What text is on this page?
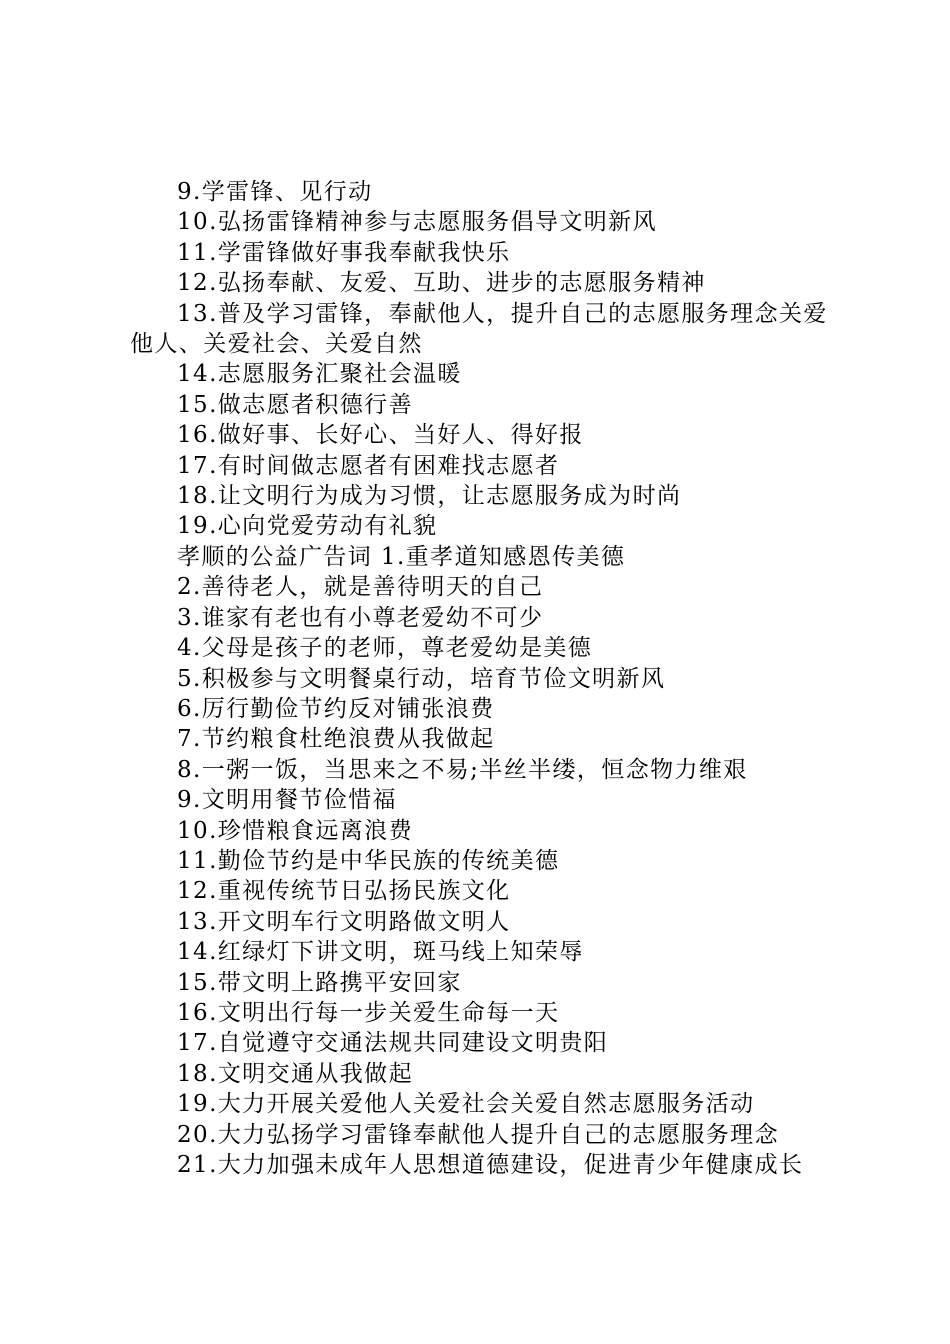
9.学雷锋、见行动

10.弘扬雷锋精神参与志愿服务倡导文明新风

11.学雷锋做好事我奉献我快乐

12.弘扬奉献、友爱、互助、进步的志愿服务精神

13.普及学习雷锋，奉献他人，提升自己的志愿服务理念关爱他人、关爱社会、关爱自然

14.志愿服务汇聚社会温暖

15.做志愿者积德行善

16.做好事、长好心、当好人、得好报

17.有时间做志愿者有困难找志愿者

18.让文明行为成为习惯，让志愿服务成为时尚

19.心向党爱劳动有礼貌

孝顺的公益广告词 1.重孝道知感恩传美德

2.善待老人，就是善待明天的自己

3.谁家有老也有小尊老爱幼不可少

4.父母是孩子的老师，尊老爱幼是美德

5.积极参与文明餐桌行动，培育节俭文明新风

6.厉行勤俭节约反对铺张浪费

7.节约粮食杜绝浪费从我做起

8.一粥一饭，当思来之不易;半丝半缕，恒念物力维艰

9.文明用餐节俭惜福

10.珍惜粮食远离浪费

11.勤俭节约是中华民族的传统美德

12.重视传统节日弘扬民族文化

13.开文明车行文明路做文明人

14.红绿灯下讲文明，斑马线上知荣辱

15.带文明上路携平安回家

16.文明出行每一步关爱生命每一天

17.自觉遵守交通法规共同建设文明贵阳

18.文明交通从我做起

19.大力开展关爱他人关爱社会关爱自然志愿服务活动

20.大力弘扬学习雷锋奉献他人提升自己的志愿服务理念

21.大力加强未成年人思想道德建设，促进青少年健康成长
